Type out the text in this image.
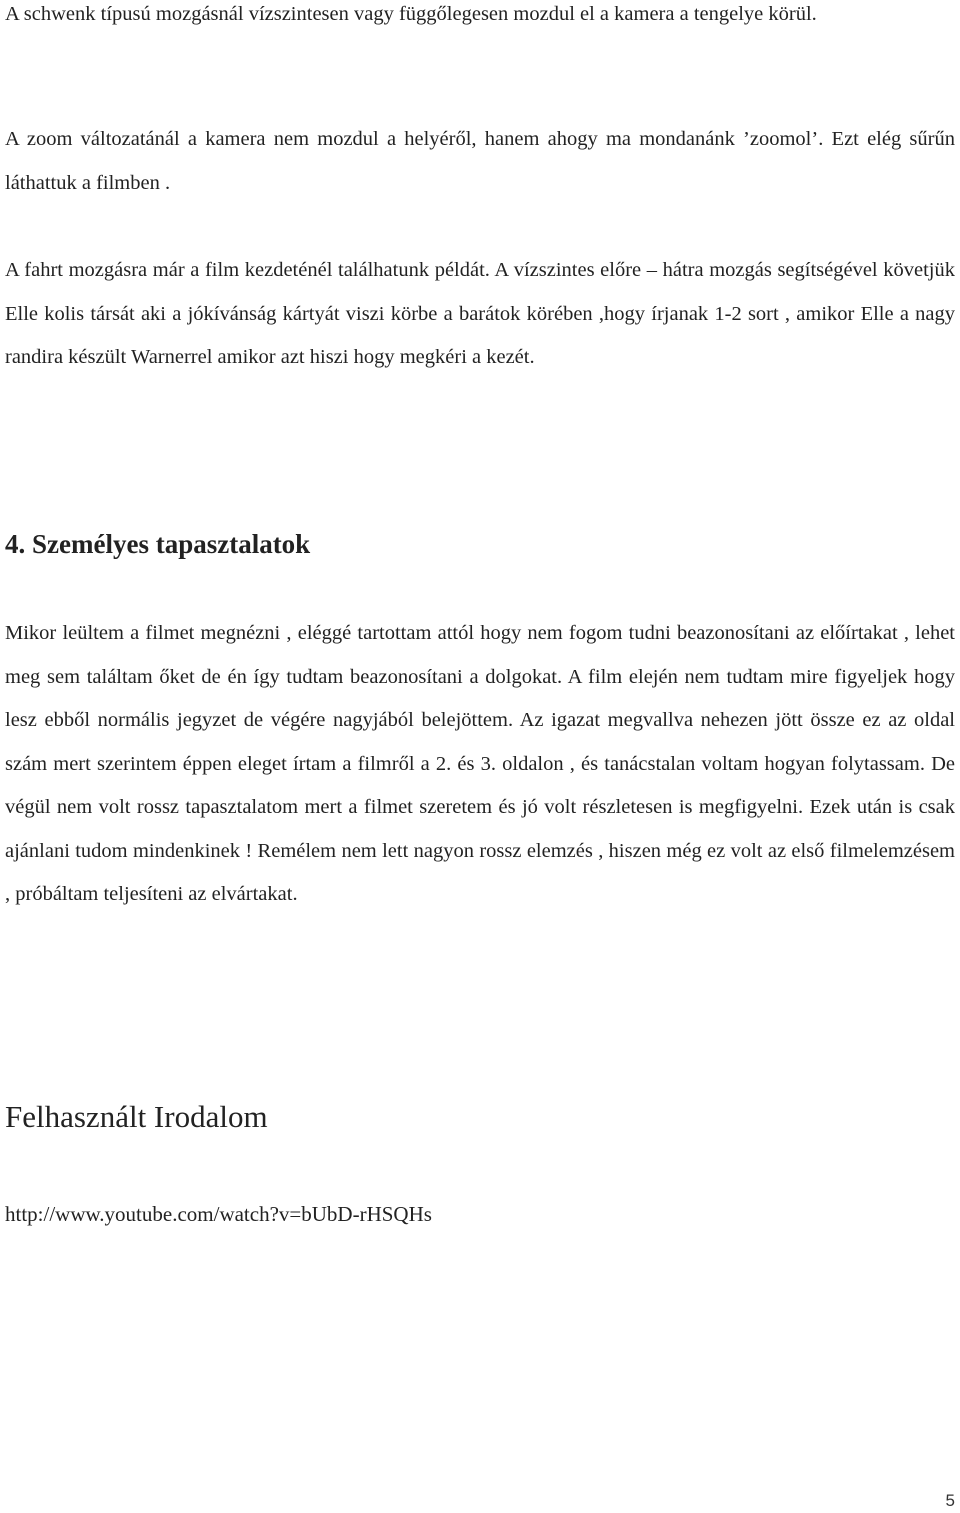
A schwenk típusú mozgásnál vízszintesen vagy függőlegesen mozdul el a kamera a tengelye körül.

A zoom változatánál a kamera nem mozdul a helyéről, hanem ahogy ma mondanánk ’zoomol’. Ezt elég sűrűn láthattuk a filmben .

A fahrt mozgásra már a film kezdeténél találhatunk példát. A vízszintes előre – hátra mozgás segítségével követjük Elle kolis társát aki a jókívánság kártyát viszi körbe a barátok körében ,hogy írjanak 1-2 sort , amikor Elle a nagy randira készült Warnerrel amikor azt hiszi hogy megkéri a kezét.

4. Személyes tapasztalatok

Mikor leültem a filmet megnézni , eléggé tartottam attól hogy nem fogom tudni beazonosítani az előírtakat , lehet meg sem találtam őket de én így tudtam beazonosítani a dolgokat. A film elején nem tudtam mire figyeljek hogy lesz ebből normális jegyzet de végére nagyjából belejöttem. Az igazat megvallva nehezen jött össze ez az oldal szám mert szerintem éppen eleget írtam a filmről a 2. és 3. oldalon , és tanácstalan voltam hogyan folytassam. De végül nem volt rossz tapasztalatom mert a filmet szeretem és jó volt részletesen is megfigyelni. Ezek után is csak ajánlani tudom mindenkinek ! Remélem nem lett nagyon rossz elemzés , hiszen még ez volt az első filmelemzésem , próbáltam teljesíteni az elvártakat.

Felhasznált Irodalom

http://www.youtube.com/watch?v=bUbD-rHSQHs

5
